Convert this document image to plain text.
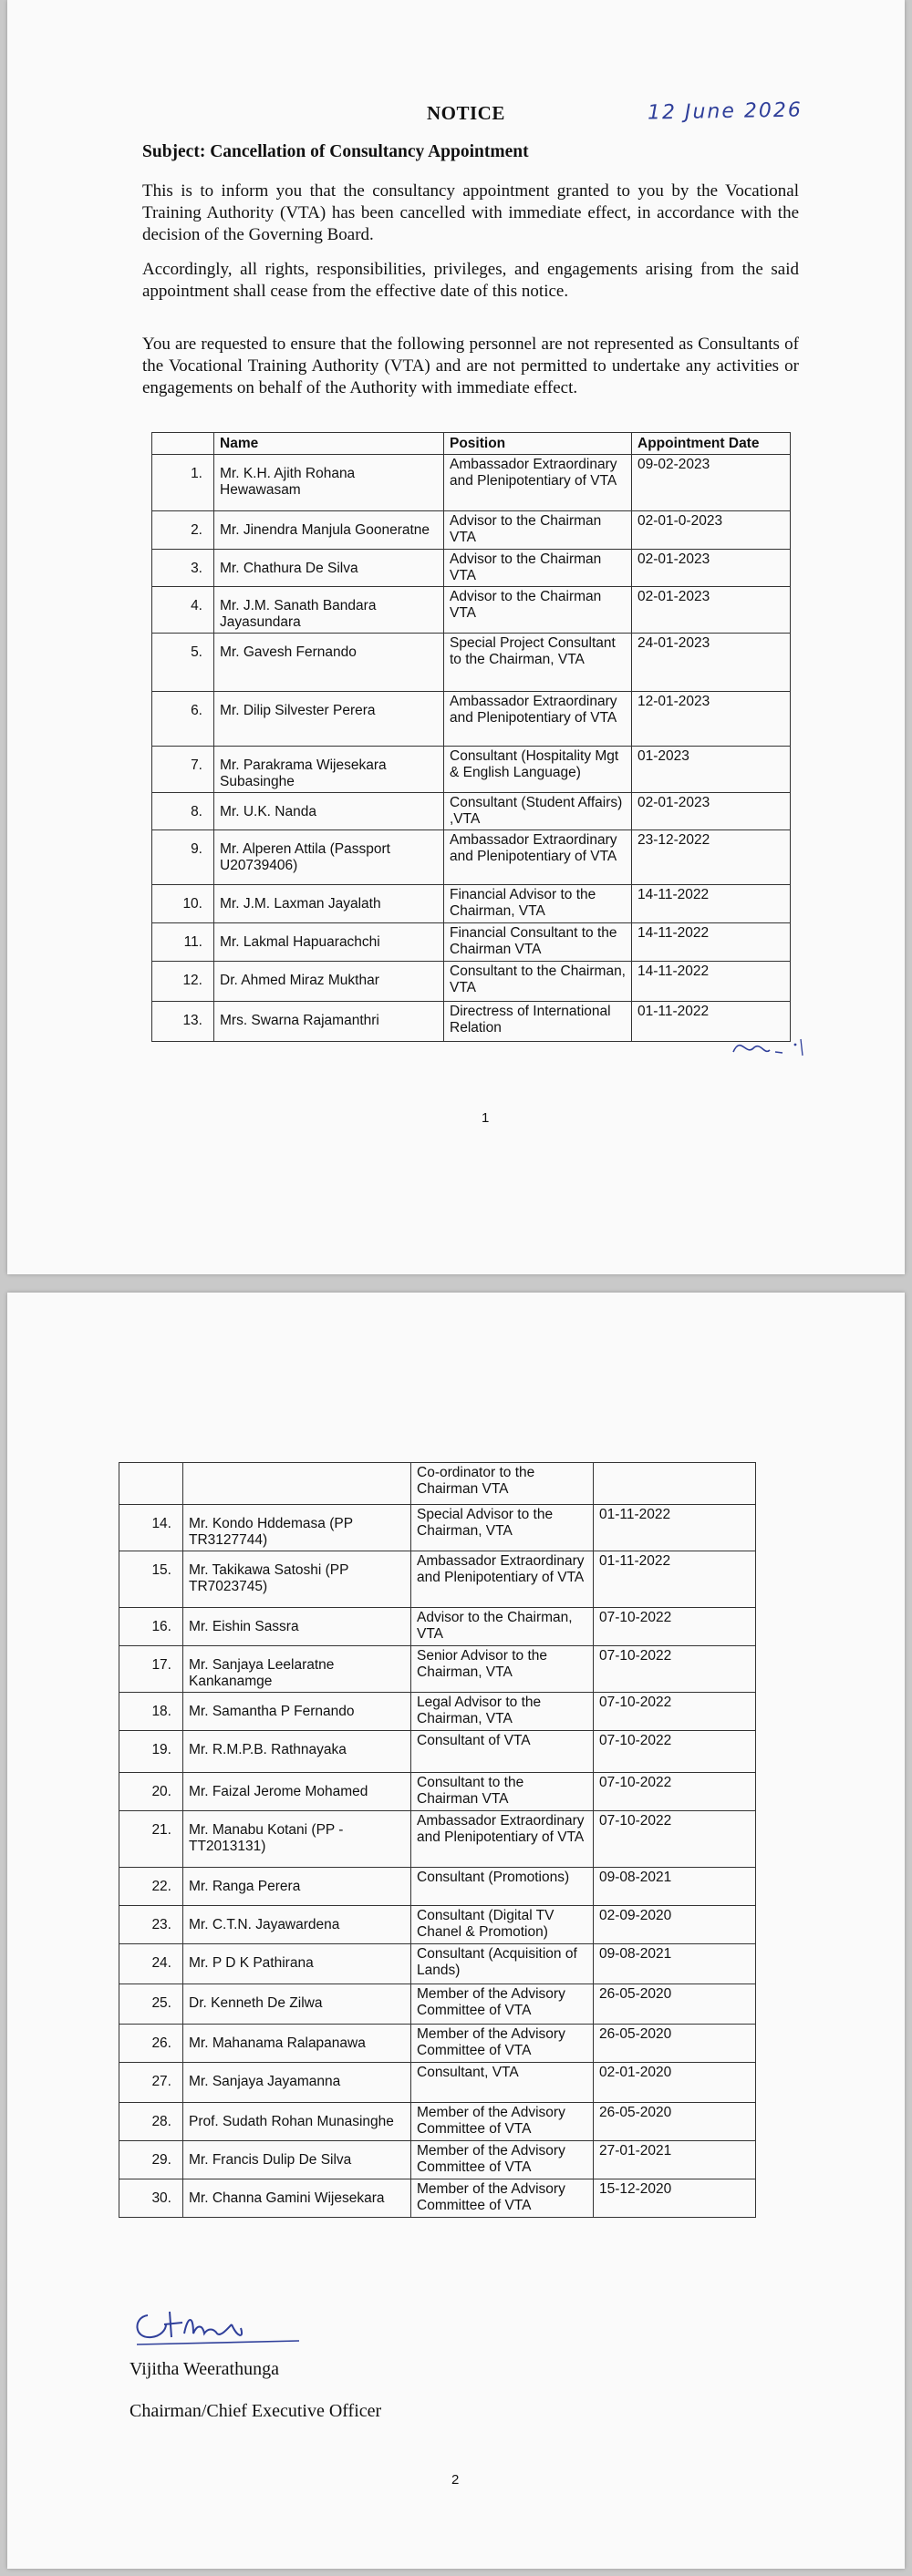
NOTICE	12 June 2026
Subject: Cancellation of Consultancy Appointment

This is to inform you that the consultancy appointment granted to you by the Vocational Training Authority (VTA) has been cancelled with immediate effect, in accordance with the decision of the Governing Board.

Accordingly, all rights, responsibilities, privileges, and engagements arising from the said appointment shall cease from the effective date of this notice.

You are requested to ensure that the following personnel are not represented as Consultants of the Vocational Training Authority (VTA) and are not permitted to undertake any activities or engagements on behalf of the Authority with immediate effect.

	Name	Position	Appointment Date
1.	Mr. K.H. Ajith Rohana Hewawasam	Ambassador Extraordinary and Plenipotentiary of VTA	09-02-2023
2.	Mr. Jinendra Manjula Gooneratne	Advisor to the Chairman VTA	02-01-0-2023
3.	Mr. Chathura De Silva	Advisor to the Chairman VTA	02-01-2023
4.	Mr. J.M. Sanath Bandara Jayasundara	Advisor to the Chairman VTA	02-01-2023
5.	Mr. Gavesh Fernando	Special Project Consultant to the Chairman, VTA	24-01-2023
6.	Mr. Dilip Silvester Perera	Ambassador Extraordinary and Plenipotentiary of VTA	12-01-2023
7.	Mr. Parakrama Wijesekara Subasinghe	Consultant (Hospitality Mgt & English Language)	01-2023
8.	Mr. U.K. Nanda	Consultant (Student Affairs) ,VTA	02-01-2023
9.	Mr. Alperen Attila (Passport U20739406)	Ambassador Extraordinary and Plenipotentiary of VTA	23-12-2022
10.	Mr. J.M. Laxman Jayalath	Financial Advisor to the Chairman, VTA	14-11-2022
11.	Mr. Lakmal Hapuarachchi	Financial Consultant to the Chairman VTA	14-11-2022
12.	Dr. Ahmed Miraz Mukthar	Consultant to the Chairman, VTA	14-11-2022
13.	Mrs. Swarna Rajamanthri	Directress of International Relation	01-11-2022
1
		Co-ordinator to the Chairman VTA	
14.	Mr. Kondo Hddemasa (PP TR3127744)	Special Advisor to the Chairman, VTA	01-11-2022
15.	Mr. Takikawa Satoshi (PP TR7023745)	Ambassador Extraordinary and Plenipotentiary of VTA	01-11-2022
16.	Mr. Eishin Sassra	Advisor to the Chairman, VTA	07-10-2022
17.	Mr. Sanjaya Leelaratne Kankanamge	Senior Advisor to the Chairman, VTA	07-10-2022
18.	Mr. Samantha P Fernando	Legal Advisor to the Chairman, VTA	07-10-2022
19.	Mr. R.M.P.B. Rathnayaka	Consultant of VTA	07-10-2022
20.	Mr. Faizal Jerome Mohamed	Consultant to the Chairman VTA	07-10-2022
21.	Mr. Manabu Kotani (PP - TT2013131)	Ambassador Extraordinary and Plenipotentiary of VTA	07-10-2022
22.	Mr. Ranga Perera	Consultant (Promotions)	09-08-2021
23.	Mr. C.T.N. Jayawardena	Consultant (Digital TV Chanel & Promotion)	02-09-2020
24.	Mr. P D K Pathirana	Consultant (Acquisition of Lands)	09-08-2021
25.	Dr. Kenneth De Zilwa	Member of the Advisory Committee of VTA	26-05-2020
26.	Mr. Mahanama Ralapanawa	Member of the Advisory Committee of VTA	26-05-2020
27.	Mr. Sanjaya Jayamanna	Consultant, VTA	02-01-2020
28.	Prof. Sudath Rohan Munasinghe	Member of the Advisory Committee of VTA	26-05-2020
29.	Mr. Francis Dulip De Silva	Member of the Advisory Committee of VTA	27-01-2021
30.	Mr. Channa Gamini Wijesekara	Member of the Advisory Committee of VTA	15-12-2020
Vijitha Weerathunga
Chairman/Chief Executive Officer
2
